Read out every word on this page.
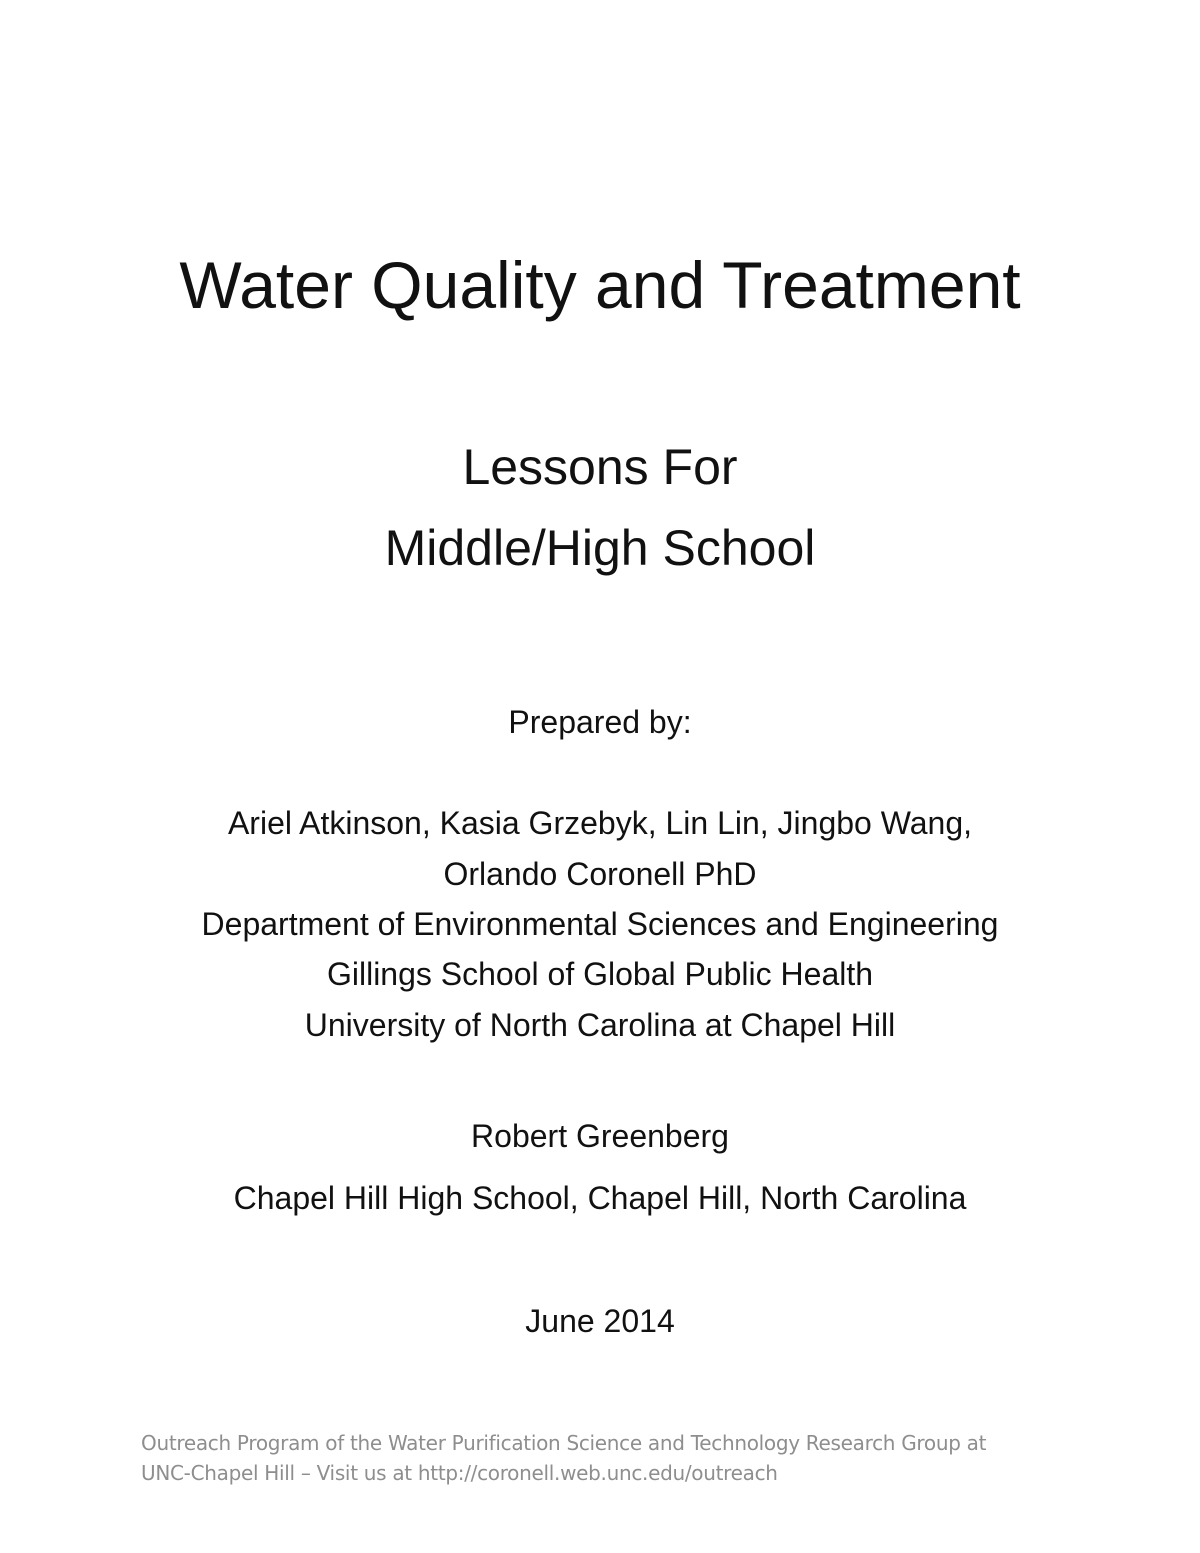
Water Quality and Treatment
Lessons For
Middle/High School
Prepared by:
Ariel Atkinson, Kasia Grzebyk, Lin Lin, Jingbo Wang,
Orlando Coronell PhD
Department of Environmental Sciences and Engineering
Gillings School of Global Public Health
University of North Carolina at Chapel Hill
Robert Greenberg
Chapel Hill High School, Chapel Hill, North Carolina
June 2014
Outreach Program of the Water Purification Science and Technology Research Group at
UNC-Chapel Hill – Visit us at http://coronell.web.unc.edu/outreach
